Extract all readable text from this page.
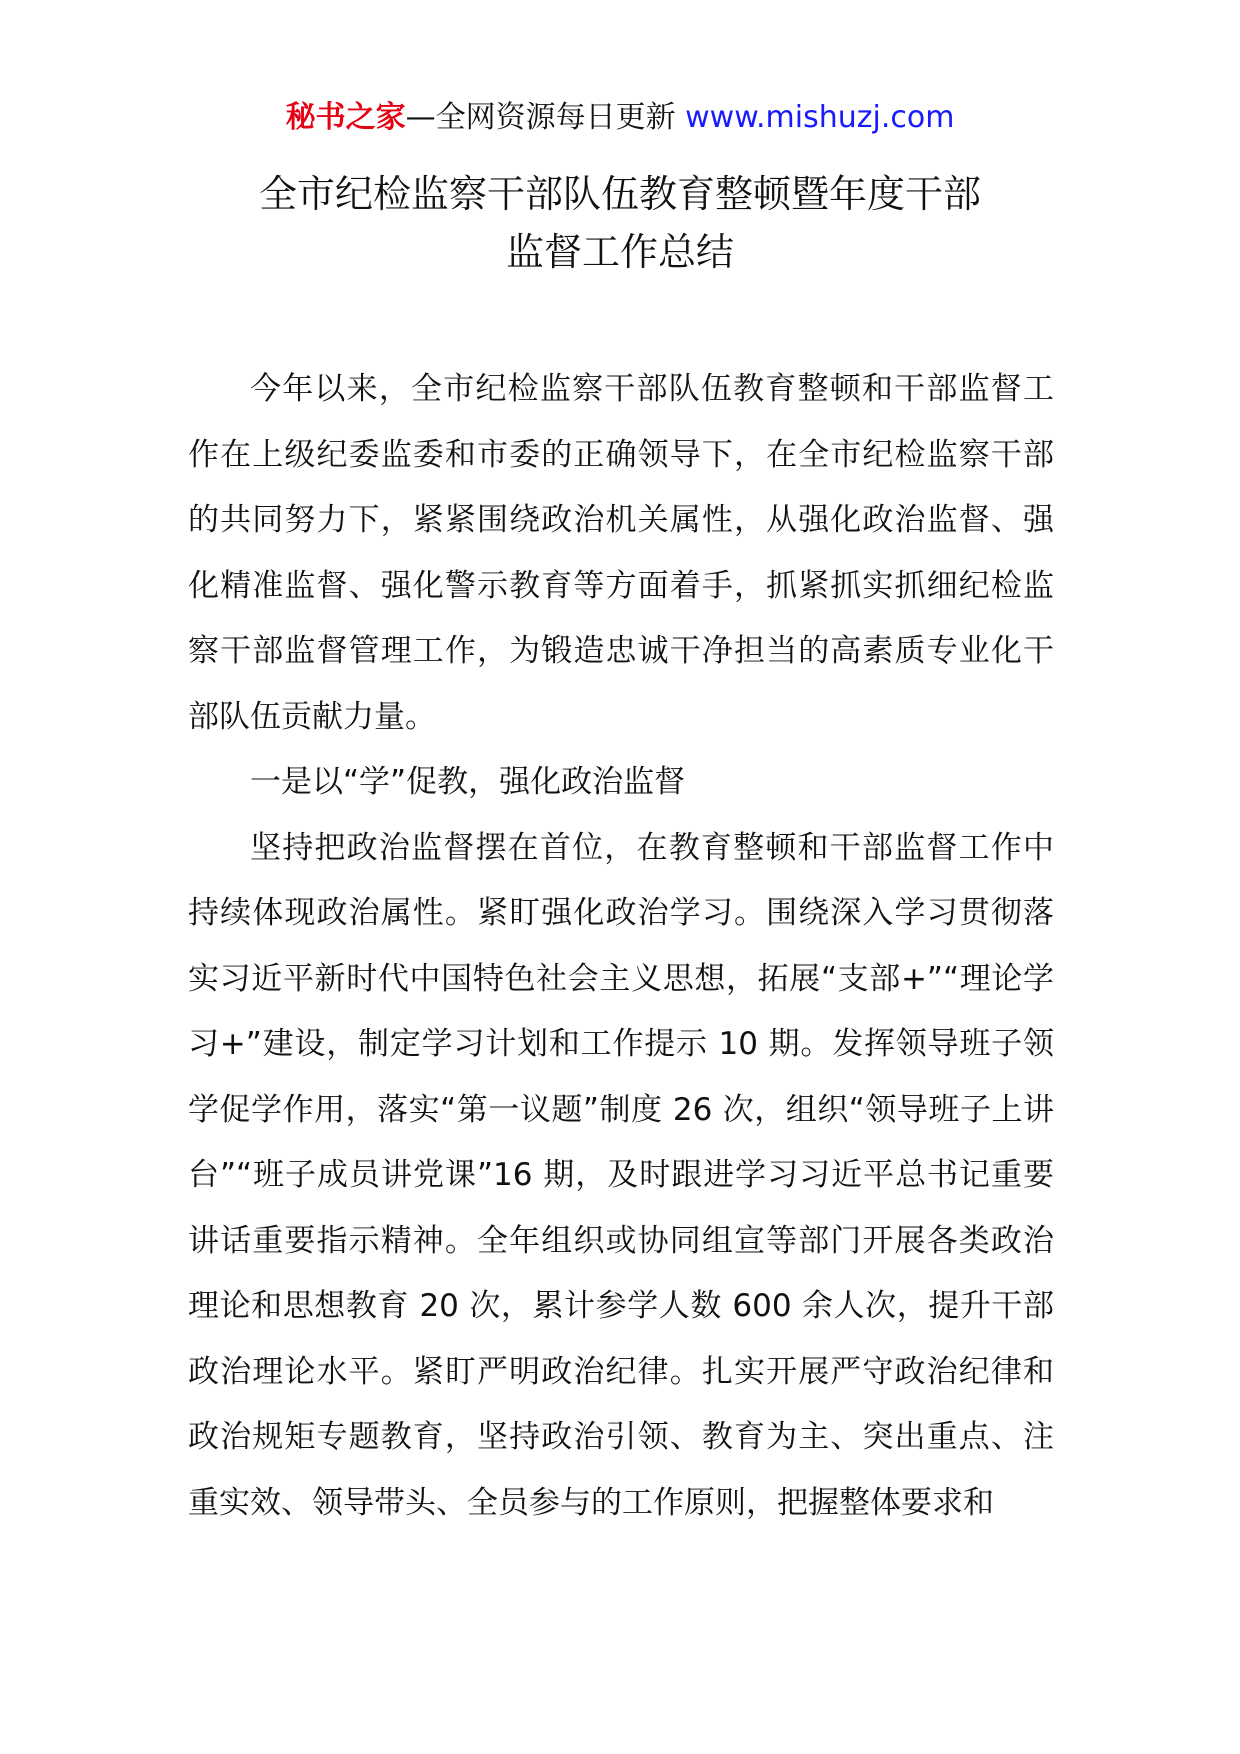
秘书之家—全网资源每日更新 www.mishuzj.com
全市纪检监察干部队伍教育整顿暨年度干部
监督工作总结

今年以来，全市纪检监察干部队伍教育整顿和干部监督工作在上级纪委监委和市委的正确领导下，在全市纪检监察干部的共同努力下，紧紧围绕政治机关属性，从强化政治监督、强化精准监督、强化警示教育等方面着手，抓紧抓实抓细纪检监察干部监督管理工作，为锻造忠诚干净担当的高素质专业化干部队伍贡献力量。

一是以“学”促教，强化政治监督

坚持把政治监督摆在首位，在教育整顿和干部监督工作中持续体现政治属性。紧盯强化政治学习。围绕深入学习贯彻落实习近平新时代中国特色社会主义思想，拓展“支部+”“理论学习+”建设，制定学习计划和工作提示 10 期。发挥领导班子领学促学作用，落实“第一议题”制度 26 次，组织“领导班子上讲台”“班子成员讲党课”16 期，及时跟进学习习近平总书记重要讲话重要指示精神。全年组织或协同组宣等部门开展各类政治理论和思想教育 20 次，累计参学人数 600 余人次，提升干部政治理论水平。紧盯严明政治纪律。扎实开展严守政治纪律和政治规矩专题教育，坚持政治引领、教育为主、突出重点、注重实效、领导带头、全员参与的工作原则，把握整体要求和
